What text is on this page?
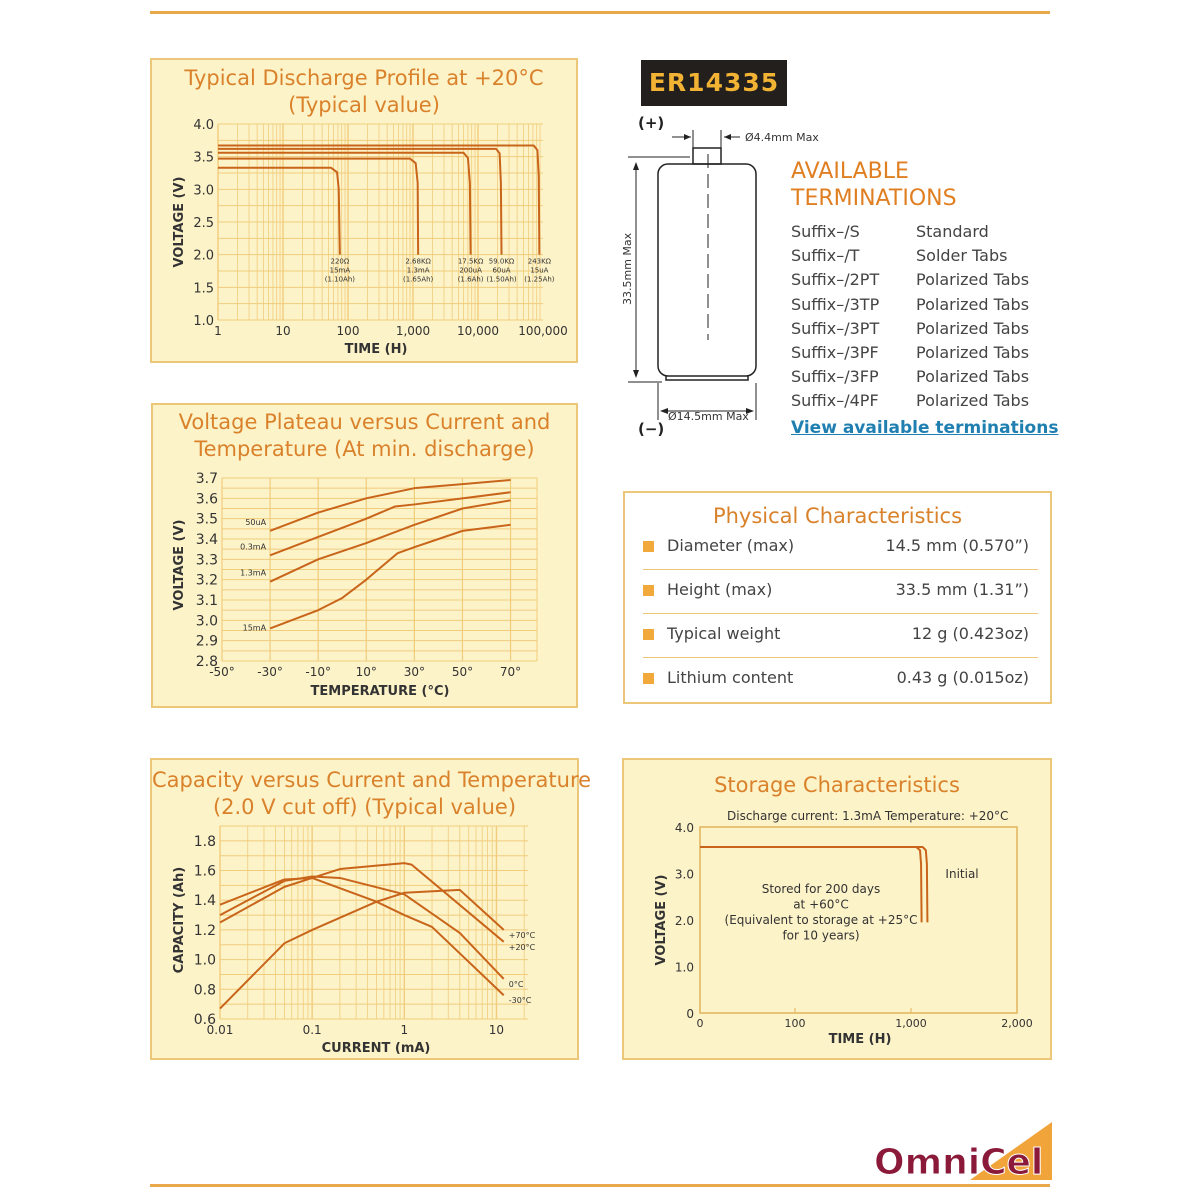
Typical Discharge Profile at +20°C
(Typical value)
Voltage Plateau versus Current and
Temperature (At min. discharge)
Capacity versus Current and Temperature
(2.0 V cut off) (Typical value)
Storage Characteristics
Discharge current: 1.3mA Temperature: +20°C
1	10	100	1,000 10,000 100,000
1.0
1.5
2.0
2.5
3.0
3.5
4.0
TIME (H)
VOLTAGE (V)	220Ω
15mA
(1.10Ah)
2.68KΩ
1.3mA
(1.65Ah)
17.5KΩ
200uA
(1.6Ah)
59.0KΩ
60uA
(1.50Ah)
243KΩ
15uA
(1.25Ah)
-50° -30° -10° 10° 30° 50° 70°
2.8
2.9
3.0
3.1
3.2
3.3
3.4
3.5
3.6
3.7
TEMPERATURE (°C)
VOLTAGE (V)	50uA
0.3mA
1.3mA
15mA
0.01	0.1	1	10
0.6
0.8
1.0
1.2
1.4
1.6
1.8
CURRENT (mA)
CAPACITY (Ah)	+70°C
+20°C
0°C
-30°C
0	100	1,000	2,000
0
1.0
2.0
3.0
4.0
TIME (H)
VOLTAGE (V)
Initial
Stored for 200 days
at +60°C
(Equivalent to storage at +25°C
for 10 years)
ER14335
(+)
(−)
Ø4.4mm Max
Ø14.5mm Max
33.5mm Max
AVAILABLE
TERMINATIONS
Suffix–/S	Standard
Suffix–/T	Solder Tabs
Suffix–/2PT Polarized Tabs
Suffix–/3TP Polarized Tabs
Suffix–/3PT Polarized Tabs
Suffix–/3PF Polarized Tabs
Suffix–/3FP Polarized Tabs
Suffix–/4PF Polarized Tabs
View available terminations
Physical Characteristics
Diameter (max)	14.5 mm (0.570”)
Height (max)	33.5 mm (1.31”)
Typical weight	12 g (0.423oz)
Lithium content	0.43 g (0.015oz)
OmniCel
